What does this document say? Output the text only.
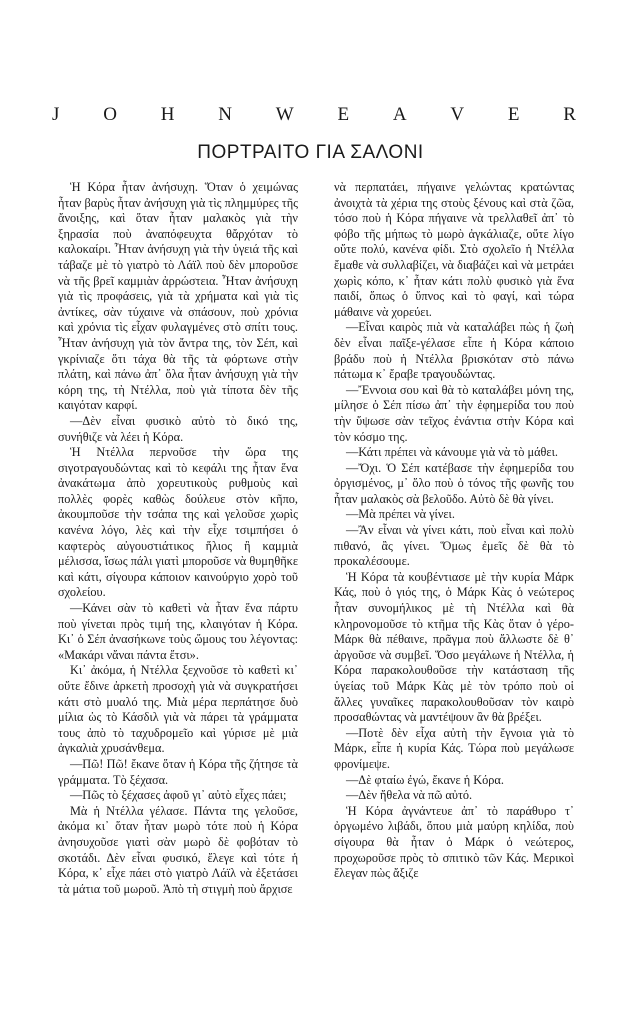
J O H N W E A V E R
ΠΟΡΤΡΑΙΤΟ ΓΙΑ ΣΑΛΟΝΙ

Ἡ Κόρα ἦταν ἀνήσυχη. Ὅταν ὁ χειμώνας ἦταν βαρὺς ἦταν ἀνήσυχη γιὰ τὶς πλημμύρες τῆς ἄνοιξης, καὶ ὅταν ἦταν μαλακὸς γιὰ τὴν ξηρασία ποὺ ἀναπόφευχτα θἄρχόταν τὸ καλοκαίρι. Ἦταν ἀνήσυχη γιὰ τὴν ὑγειά τῆς καὶ τάβαζε μὲ τὸ γιατρὸ τὸ Λάϊλ ποὺ δὲν μποροῦσε νὰ τῆς βρεῖ καμμιὰν ἀρρώστεια. Ἦταν ἀνήσυχη γιὰ τὶς προφάσεις, γιὰ τὰ χρήματα καὶ γιὰ τὶς ἀντίκες, σὰν τύχαινε νὰ σπάσουν, ποὺ χρόνια καὶ χρόνια τὶς εἶχαν φυλαγμένες στὸ σπίτι τους. Ἦταν ἀνήσυχη γιὰ τὸν ἄντρα της, τὸν Σέπ, καὶ γκρίνιαζε ὅτι τάχα θὰ τῆς τὰ φόρτωνε στὴν πλάτη, καὶ πάνω ἀπ᾽ ὅλα ἦταν ἀνήσυχη γιὰ τὴν κόρη της, τὴ Ντέλλα, ποὺ γιὰ τίποτα δὲν τῆς καιγόταν καρφί.

—Δὲν εἶναι φυσικὸ αὐτὸ τὸ δικό της, συνήθιζε νὰ λέει ἡ Κόρα.

Ἡ Ντέλλα περνοῦσε τὴν ὥρα της σιγοτραγουδώντας καὶ τὸ κεφάλι της ἦταν ἕνα ἀνακάτωμα ἀπὸ χορευτικοὺς ρυθμοὺς καὶ πολλὲς φορὲς καθὼς δούλευε στὸν κῆπο, ἀκουμποῦσε τὴν τσάπα της καὶ γελοῦσε χωρὶς κανένα λόγο, λὲς καὶ τὴν εἶχε τσιμπήσει ὁ καφτερὸς αὐγουστιάτικος ἥλιος ἢ καμμιὰ μέλισσα, ἴσως πάλι γιατὶ μποροῦσε νὰ θυμηθῆκε καὶ κάτι, σίγουρα κάποιον καινούργιο χορὸ τοῦ σχολείου.

—Κάνει σὰν τὸ καθετὶ νὰ ἦταν ἕνα πάρτυ ποὺ γίνεται πρὸς τιμή της, κλαιγόταν ἡ Κόρα. Κι᾽ ὁ Σέπ ἀνασήκωνε τοὺς ὤμους του λέγοντας: «Μακάρι νἄναι πάντα ἔτσι».

Κι᾽ ἀκόμα, ἡ Ντέλλα ξεχνοῦσε τὸ καθετὶ κι᾽ οὔτε ἔδινε ἀρκετὴ προσοχὴ γιὰ νὰ συγκρατήσει κάτι στὸ μυαλό της. Μιὰ μέρα περπάτησε δυὸ μίλια ὡς τὸ Κάσδιλ γιὰ νὰ πάρει τὰ γράμματα τους ἀπὸ τὸ ταχυδρομεῖο καὶ γύρισε μὲ μιὰ ἀγκαλιὰ χρυσάνθεμα.

—Πῶ! Πῶ! ἔκανε ὅταν ἡ Κόρα τῆς ζήτησε τὰ γράμματα. Τὸ ξέχασα.

—Πῶς τὸ ξέχασες ἀφοῦ γι᾽ αὐτὸ εἶχες πάει;

Μὰ ἡ Ντέλλα γέλασε. Πάντα της γελοῦσε, ἀκόμα κι᾽ ὅταν ἦταν μωρὸ τότε ποὺ ἡ Κόρα ἀνησυχοῦσε γιατὶ σὰν μωρὸ δὲ φοβόταν τὸ σκοτάδι. Δὲν εἶναι φυσικό, ἔλεγε καὶ τότε ἡ Κόρα, κ᾽ εἶχε πάει στὸ γιατρὸ Λάϊλ νὰ ἐξετάσει τὰ μάτια τοῦ μωροῦ. Ἀπὸ τὴ στιγμὴ ποὺ ἄρχισε

νὰ περπατάει, πήγαινε γελώντας κρατώντας ἀνοιχτὰ τὰ χέρια της στοὺς ξένους καὶ στὰ ζῶα, τόσο ποὺ ἡ Κόρα πήγαινε νὰ τρελλαθεῖ ἀπ᾽ τὸ φόβο τῆς μήπως τὸ μωρὸ ἀγκάλιαζε, οὔτε λίγο οὔτε πολύ, κανένα φίδι. Στὸ σχολεῖο ἡ Ντέλλα ἔμαθε νὰ συλλαβίζει, νὰ διαβάζει καὶ νὰ μετράει χωρὶς κόπο, κ᾽ ἦταν κάτι πολὺ φυσικὸ γιὰ ἕνα παιδί, ὅπως ὁ ὕπνος καὶ τὸ φαγί, καὶ τώρα μάθαινε νὰ χορεύει.

—Εἶναι καιρὸς πιὰ νὰ καταλάβει πὼς ἡ ζωὴ δὲν εἶναι παῖξε-γέλασε εἶπε ἡ Κόρα κάποιο βράδυ ποὺ ἡ Ντέλλα βρισκόταν στὸ πάνω πάτωμα κ᾽ ἔραβε τραγουδώντας.

—Ἔννοια σου καὶ θὰ τὸ καταλάβει μόνη της, μίλησε ὁ Σέπ πίσω ἀπ᾽ τὴν ἐφημερίδα του ποὺ τὴν ὕψωσε σὰν τεῖχος ἐνάντια στὴν Κόρα καὶ τὸν κόσμο της.

—Κάτι πρέπει νὰ κάνουμε γιὰ νὰ τὸ μάθει.

—Ὄχι. Ὁ Σέπ κατέβασε τὴν ἐφημερίδα του ὀργισμένος, μ᾽ ὅλο ποὺ ὁ τόνος τῆς φωνῆς του ἦταν μαλακὸς σὰ βελοῦδο. Αὐτὸ δὲ θὰ γίνει.

—Μὰ πρέπει νὰ γίνει.

—Ἂν εἶναι νὰ γίνει κάτι, ποὺ εἶναι καὶ πολὺ πιθανό, ἂς γίνει. Ὅμως ἐμεῖς δὲ θὰ τὸ προκαλέσουμε.

Ἡ Κόρα τὰ κουβέντιασε μὲ τὴν κυρία Μάρκ Κάς, ποὺ ὁ γιός της, ὁ Μάρκ Κὰς ὁ νεώτερος ἦταν συνομήλικος μὲ τὴ Ντέλλα καὶ θὰ κληρονομοῦσε τὸ κτῆμα τῆς Κὰς ὅταν ὁ γέρο-Μάρκ θὰ πέθαινε, πρᾶγμα ποὺ ἄλλωστε δὲ θ᾽ ἀργοῦσε νὰ συμβεῖ. Ὅσο μεγάλωνε ἡ Ντέλλα, ἡ Κόρα παρακολουθοῦσε τὴν κατάσταση τῆς ὑγείας τοῦ Μάρκ Κὰς μὲ τὸν τρόπο ποὺ οἱ ἄλλες γυναῖκες παρακολουθοῦσαν τὸν καιρὸ προσαθώντας νὰ μαντέψουν ἂν θὰ βρέξει.

—Ποτὲ δὲν εἶχα αὐτὴ τὴν ἔγνοια γιὰ τὸ Μάρκ, εἶπε ἡ κυρία Κάς. Τώρα ποὺ μεγάλωσε φρονίμεψε.

—Δὲ φταίω ἐγώ, ἔκανε ἡ Κόρα.

—Δὲν ἤθελα νὰ πῶ αὐτό.

Ἡ Κόρα ἀγνάντευε ἀπ᾽ τὸ παράθυρο τ᾽ ὀργωμένο λιβάδι, ὅπου μιὰ μαύρη κηλίδα, ποὺ σίγουρα θὰ ἦταν ὁ Μάρκ ὁ νεώτερος, προχωροῦσε πρὸς τὸ σπιτικὸ τῶν Κάς. Μερικοὶ ἔλεγαν πὼς ἄξιζε
